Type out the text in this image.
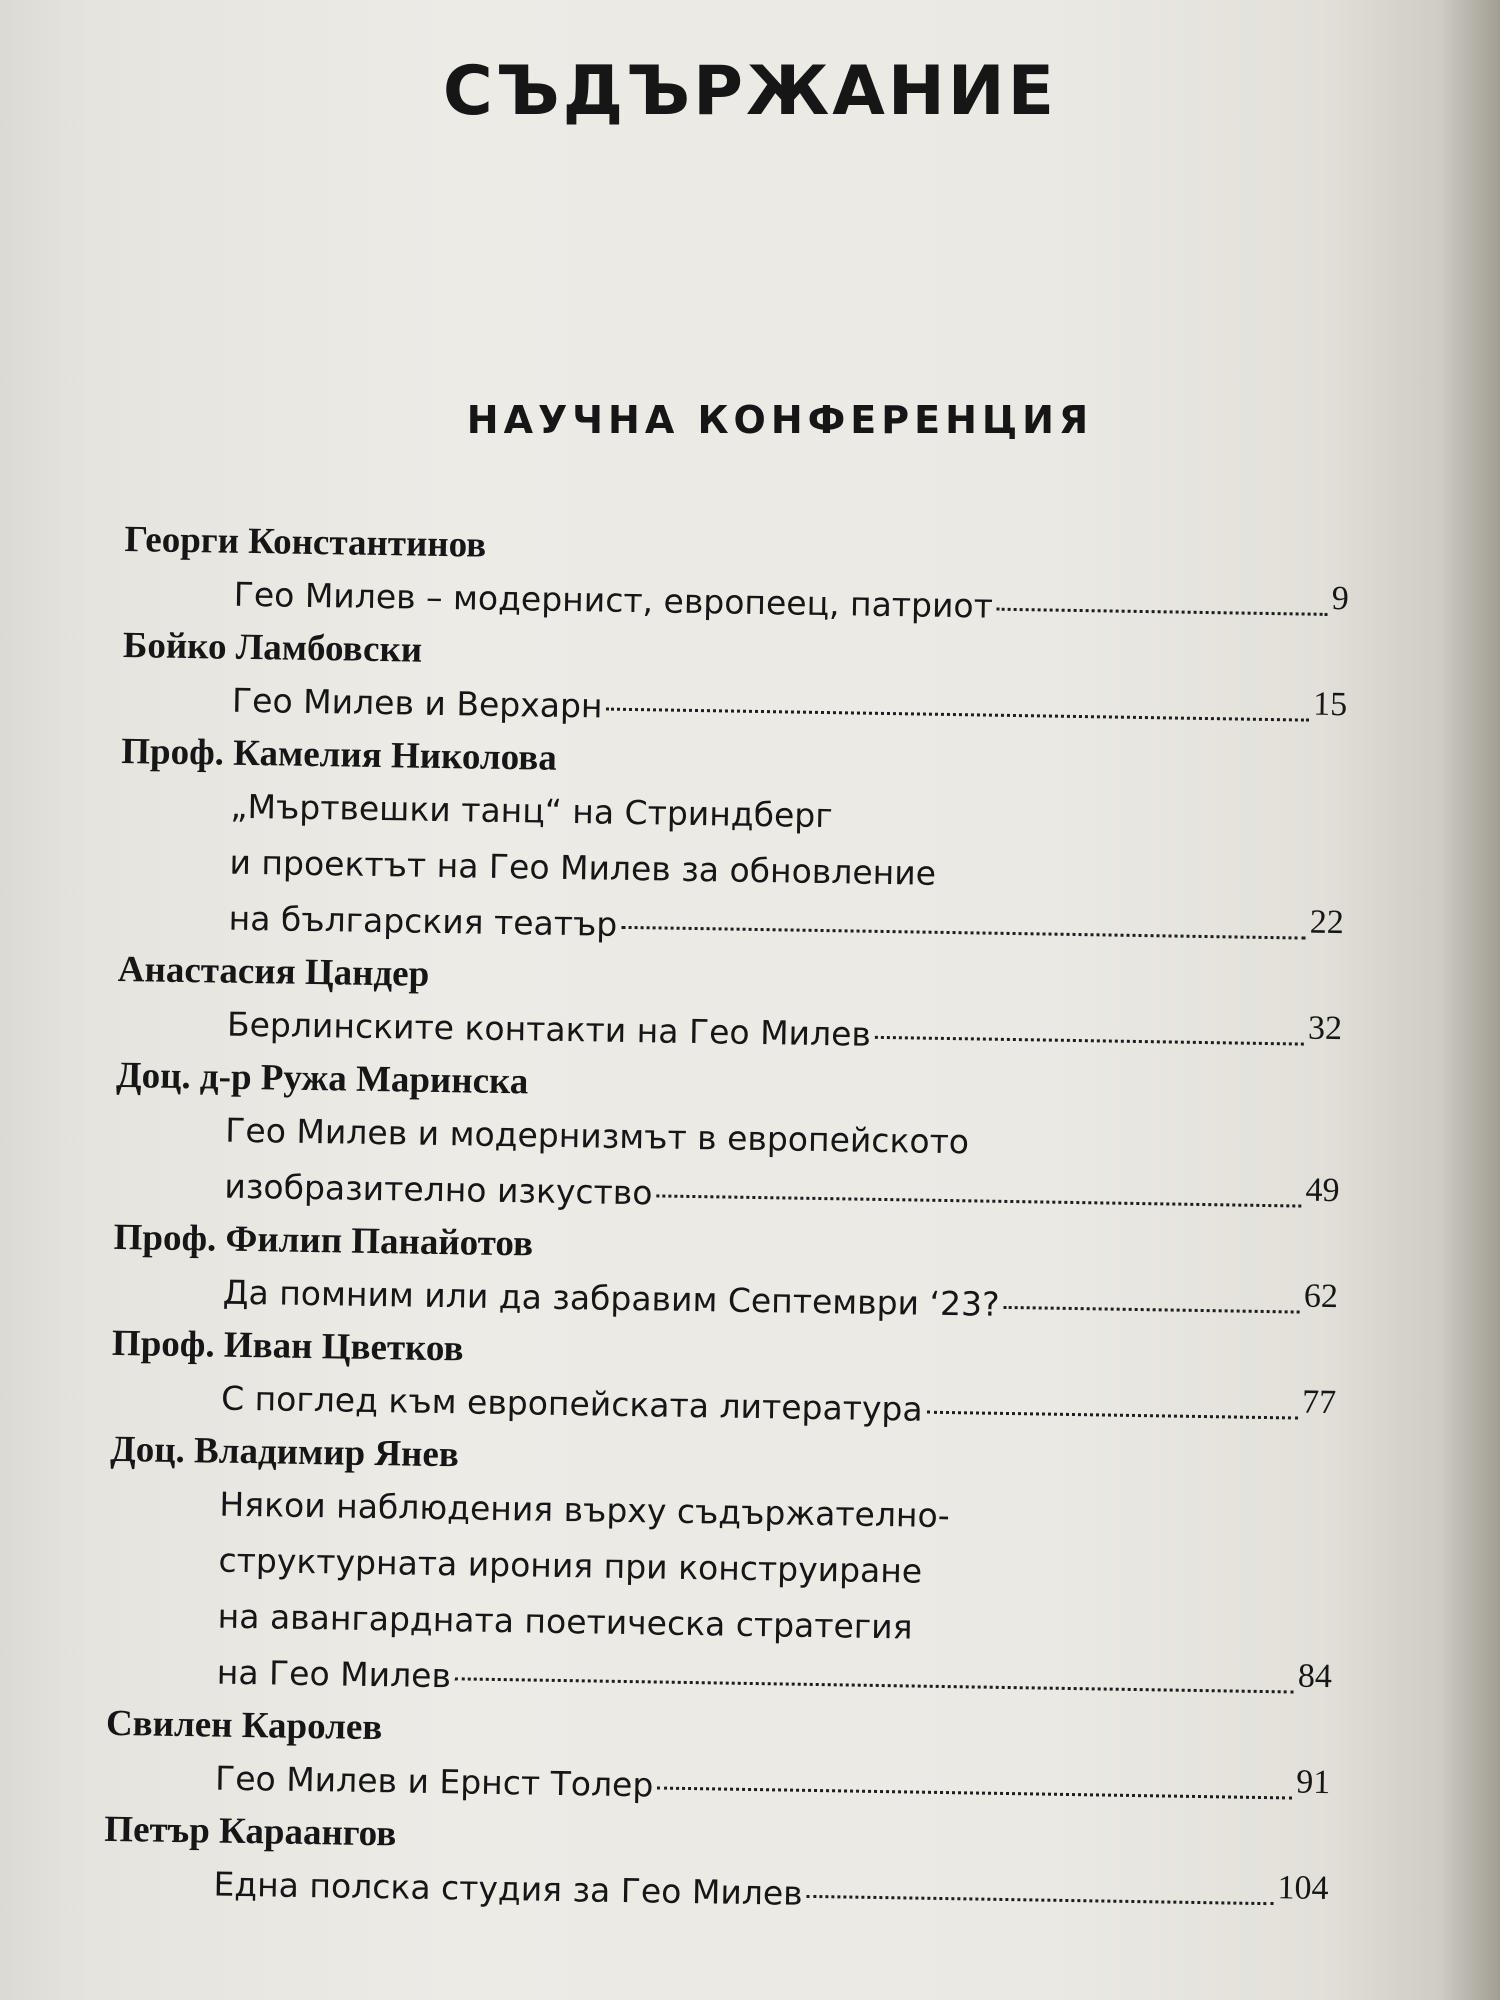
СЪДЪРЖАНИЕ
НАУЧНА КОНФЕРЕНЦИЯ
Георги Константинов
Гео Милев – модернист, европеец, патриот	9
Бойко Ламбовски
Гео Милев и Верхарн	15
Проф. Камелия Николова
„Мъртвешки танц“ на Стриндберг
и проектът на Гео Милев за обновление
на българския театър	22
Анастасия Цандер
Берлинските контакти на Гео Милев	32
Доц. д-р Ружа Маринска
Гео Милев и модернизмът в европейското
изобразително изкуство	49
Проф. Филип Панайотов
Да помним или да забравим Септември ‘23?	62
Проф. Иван Цветков
С поглед към европейската литература	77
Доц. Владимир Янев
Някои наблюдения върху съдържателно-
структурната ирония при конструиране
на авангардната поетическа стратегия
на Гео Милев	84
Свилен Каролев
Гео Милев и Ернст Толер	91
Петър Караангов
Една полска студия за Гео Милев	104
